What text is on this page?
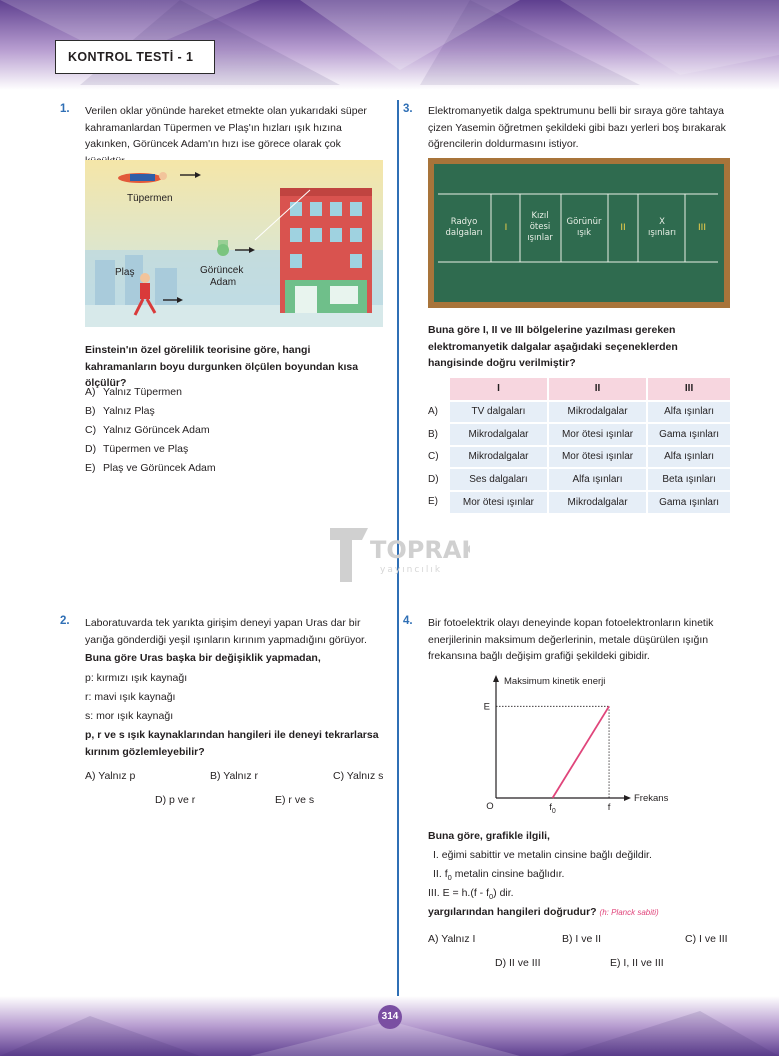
KONTROL TESTİ - 1
1. Verilen oklar yönünde hareket etmekte olan yukarıdaki süper kahramanlardan Tüpermen ve Plaş'ın hızları ışık hızına yakınken, Görüncek Adam'ın hızı ise görece olarak çok
Tüpermen
Plaş	Görüncek
Adam
Einstein'ın özel görelilik teorisine göre, hangi kahramanların boyu durgunken ölçülen boyundan kısa ölçülür?
A) Yalnız Tüpermen
B) Yalnız Plaş
C) Yalnız Görüncek Adam
D) Tüpermen ve Plaş
E) Plaş ve Görüncek Adam
3. Elektromanyetik dalga spektrumunu belli bir sıraya göre tahtaya çizen Yasemin öğretmen şekildeki gibi bazı yerleri boş bırakarak öğrencilerin doldurmasını istiyor.
Radyo
dalgaları I
Kızıl
ötesi
ışınlar
Görünür
ışık	II
X
ışınları III
Buna göre I, II ve III bölgelerine yazılması gereken elektromanyetik dalgalar aşağıdaki seçeneklerden hangisinde doğru verilmiştir?
	I	II	III
A)	TV dalgaları	Mikrodalgalar	Alfa ışınları
B)	Mikrodalgalar	Mor ötesi ışınlar	Gama ışınları
C)	Mikrodalgalar	Mor ötesi ışınlar	Alfa ışınları
D)	Ses dalgaları	Alfa ışınları	Beta ışınları
E)	Mor ötesi ışınlar	Mikrodalgalar	Gama ışınları
TOPRAK
yayıncılık
2. Laboratuvarda tek yarıkta girişim deneyi yapan Uras dar bir yarığa gönderdiği yeşil ışınların kırınım yapmadığını görüyor.
Buna göre Uras başka bir değişiklik yapmadan,
p: kırmızı ışık kaynağı
r: mavi ışık kaynağı
s: mor ışık kaynağı
p, r ve s ışık kaynaklarından hangileri ile deneyi tekrarlarsa kırınım gözlemleyebilir?
A) Yalnız p	B) Yalnız r	C) Yalnız s
D) p ve r	E) r ve s
4. Bir fotoelektrik olayı deneyinde kopan fotoelektronların kinetik enerjilerinin maksimum değerlerinin, metale düşürülen ışığın frekansına bağlı değişim grafiği şekildeki gibidir.
Maksimum kinetik enerji
Frekans
O
E
$f_0$	f
Buna göre, grafikle ilgili,
I. eğimi sabittir ve metalin cinsine bağlı değildir.
II. $f_0$ metalin cinsine bağlıdır.
III. $E = h.(f - f_0)$ dir.
yargılarından hangileri doğrudur? (h: Planck sabiti)
A) Yalnız I	B) I ve II	C) I ve III
D) II ve III	E) I, II ve III
314
